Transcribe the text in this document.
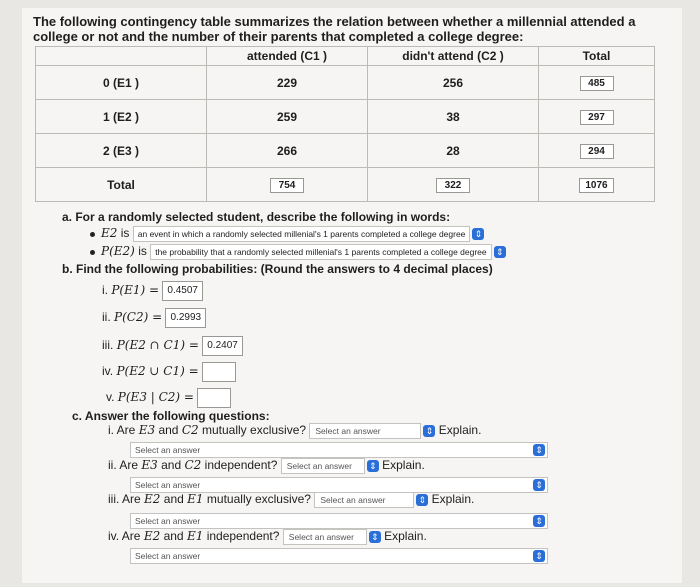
The following contingency table summarizes the relation between whether a millennial attended a college or not and the number of their parents that completed a college degree:
	attended (C1 )	didn't attend (C2 )	Total
0 (E1 )	229	256	485
1 (E2 )	259	38	297
2 (E3 )	266	28	294
Total	754	322	1076
a. For a randomly selected student, describe the following in words:
E2 is an event in which a randomly selected millenial's 1 parents completed a college degree ⇕
P(E2) is the probability that a randomly selected millenial's 1 parents completed a college degree ⇕
b. Find the following probabilities: (Round the answers to 4 decimal places)
i. P(E1) = 0.4507
ii. P(C2) = 0.2993
iii. P(E2 ∩ C1) = 0.2407
iv. P(E2 ∪ C1) =
v. P(E3 | C2) =
c. Answer the following questions:
i. Are E3 and C2 mutually exclusive? Select an answer	⇕ Explain.
Select an answer	⇕
ii. Are E3 and C2 independent? Select an answer ⇕ Explain.
Select an answer	⇕
iii. Are E2 and E1 mutually exclusive? Select an answer	⇕ Explain.
Select an answer	⇕
iv. Are E2 and E1 independent? Select an answer ⇕ Explain.
Select an answer	⇕
